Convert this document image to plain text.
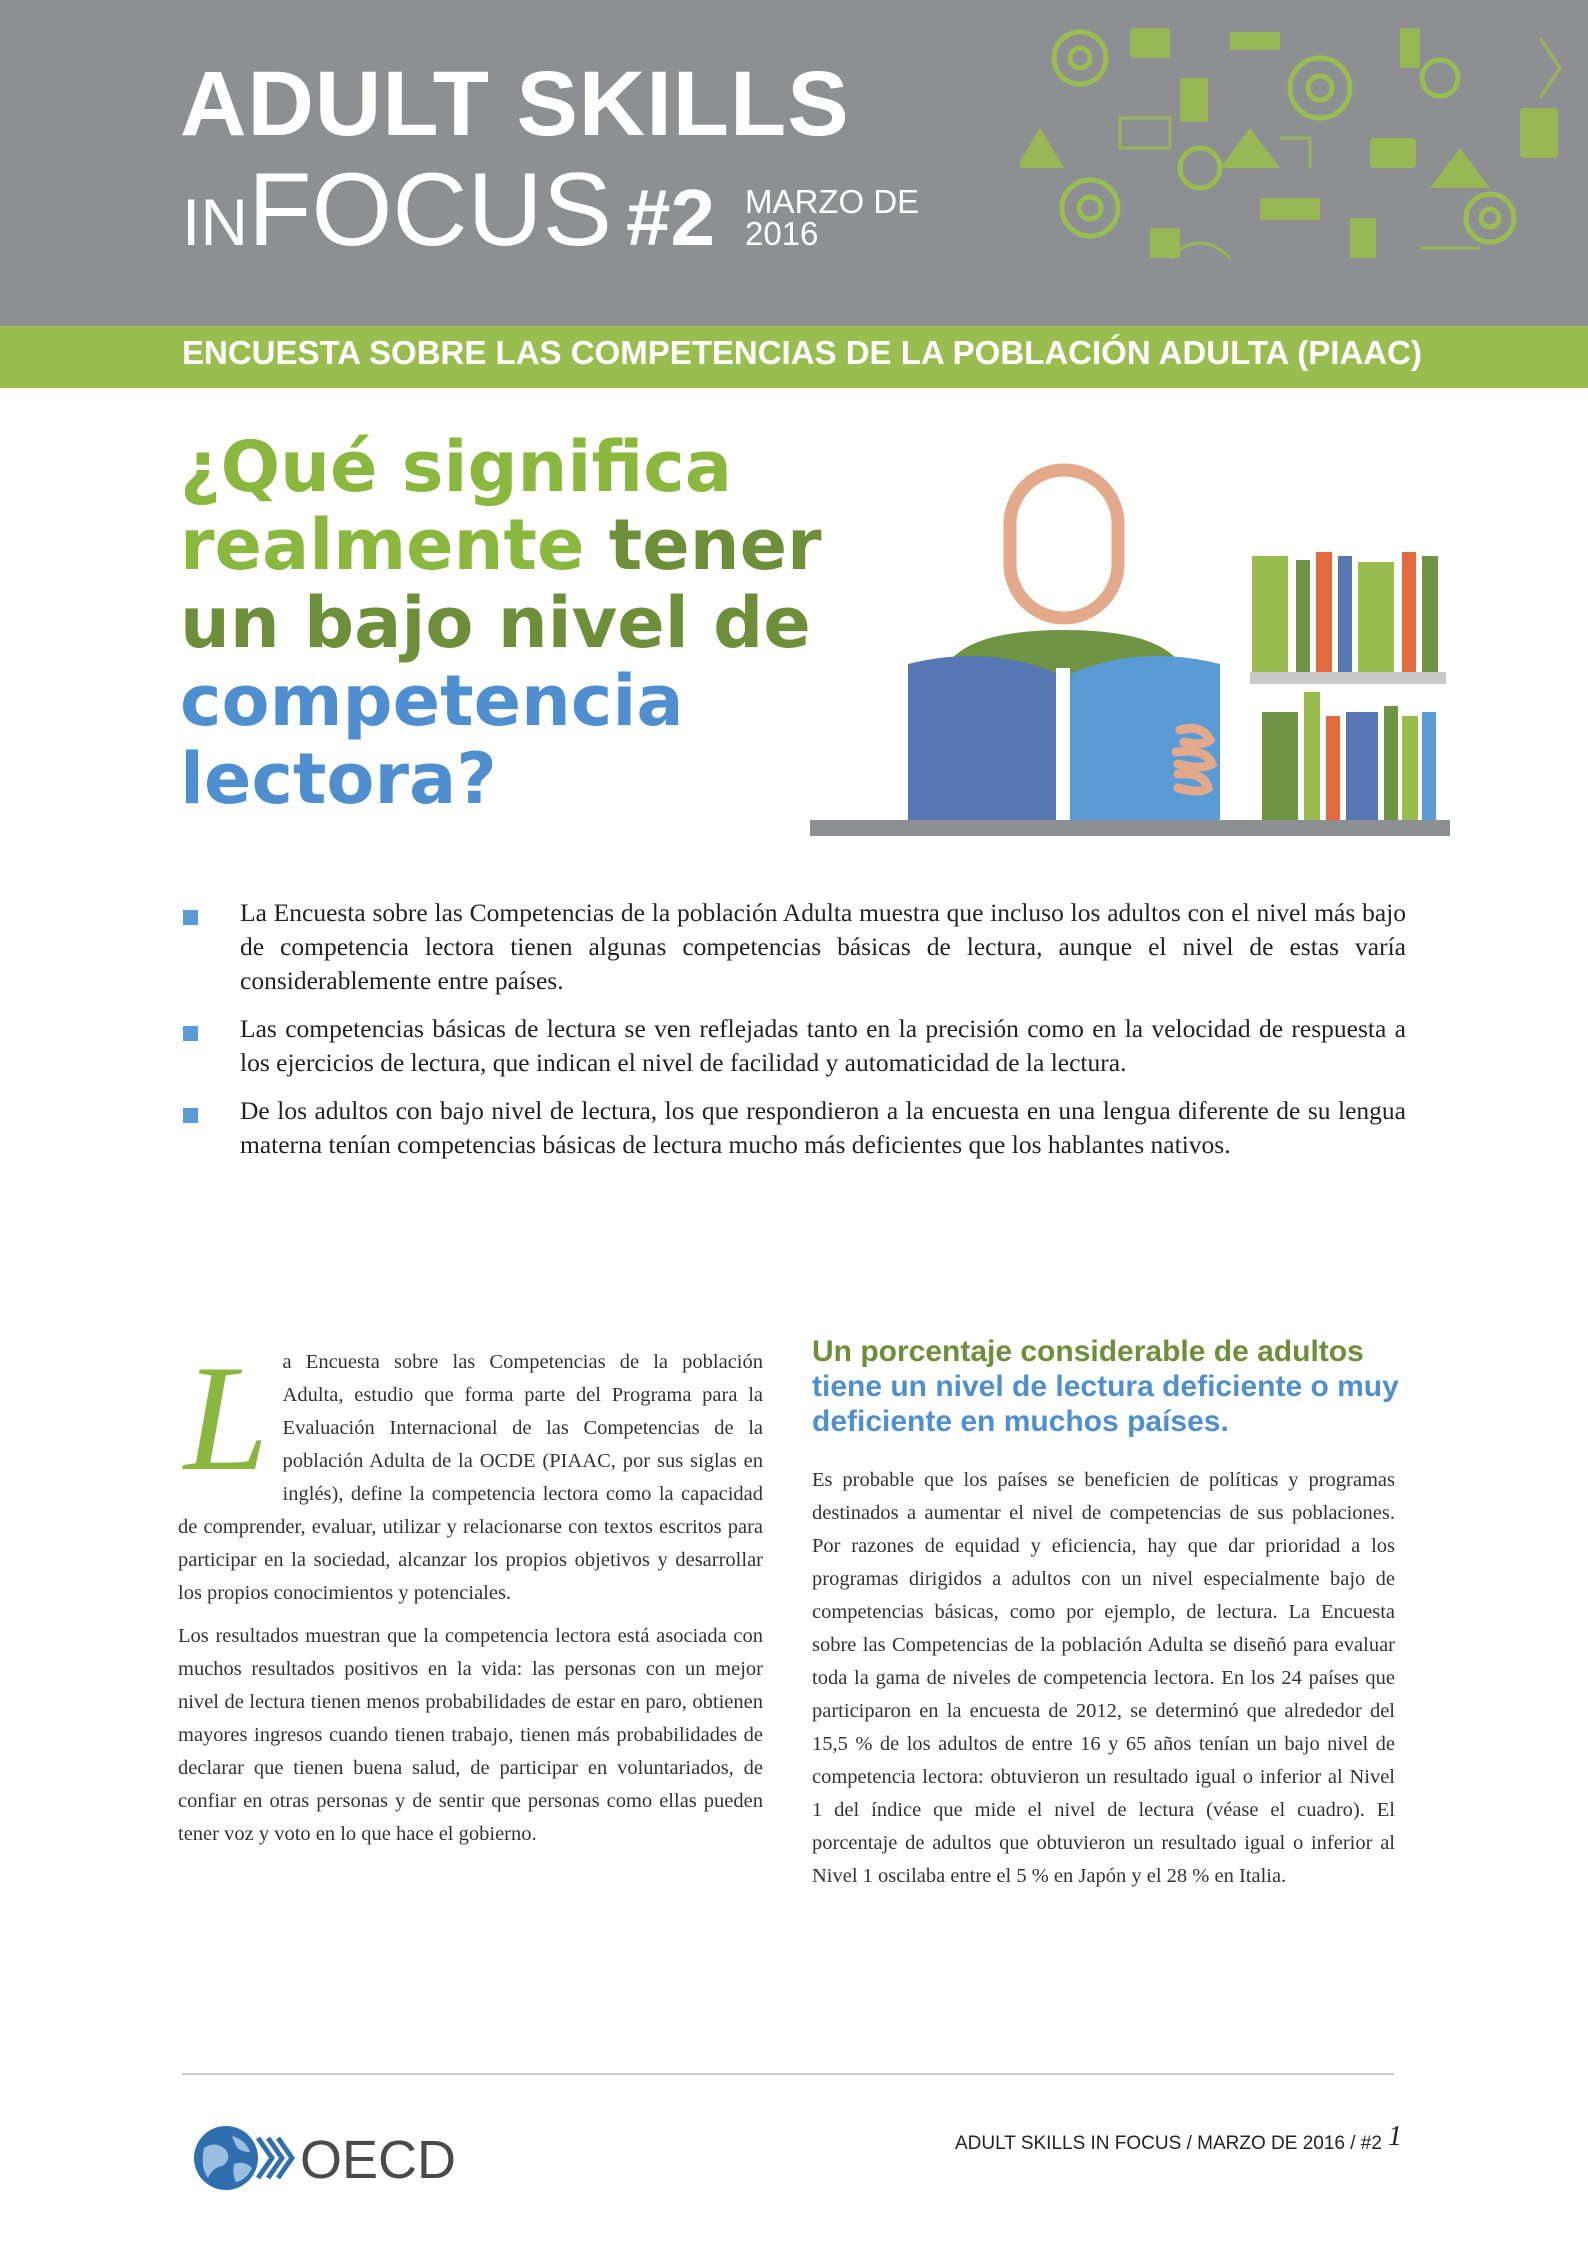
ADULT SKILLS
INFOCUS #2 MARZO DE 2016
ENCUESTA SOBRE LAS COMPETENCIAS DE LA POBLACIÓN ADULTA (PIAAC)
¿Qué significa
realmente tener
un bajo nivel de
competencia
lectora?
La Encuesta sobre las Competencias de la población Adulta muestra que incluso los adultos con el nivel más bajo de competencia lectora tienen algunas competencias básicas de lectura, aunque el nivel de estas varía considerablemente entre países.
Las competencias básicas de lectura se ven reflejadas tanto en la precisión como en la velocidad de respuesta a los ejercicios de lectura, que indican el nivel de facilidad y automaticidad de la lectura.
De los adultos con bajo nivel de lectura, los que respondieron a la encuesta en una lengua diferente de su lengua materna tenían competencias básicas de lectura mucho más deficientes que los hablantes nativos.

La Encuesta sobre las Competencias de la población Adulta, estudio que forma parte del Programa para la Evaluación Internacional de las Competencias de la población Adulta de la OCDE (PIAAC, por sus siglas en inglés), define la competencia lectora como la capacidad de comprender, evaluar, utilizar y relacionarse con textos escritos para participar en la sociedad, alcanzar los propios objetivos y desarrollar los propios conocimientos y potenciales.

Los resultados muestran que la competencia lectora está asociada con muchos resultados positivos en la vida: las personas con un mejor nivel de lectura tienen menos probabilidades de estar en paro, obtienen mayores ingresos cuando tienen trabajo, tienen más probabilidades de declarar que tienen buena salud, de participar en voluntariados, de confiar en otras personas y de sentir que personas como ellas pueden tener voz y voto en lo que hace el gobierno.

Un porcentaje considerable de adultos
tiene un nivel de lectura deficiente o muy deficiente en muchos países.

Es probable que los países se beneficien de políticas y programas destinados a aumentar el nivel de competencias de sus poblaciones. Por razones de equidad y eficiencia, hay que dar prioridad a los programas dirigidos a adultos con un nivel especialmente bajo de competencias básicas, como por ejemplo, de lectura. La Encuesta sobre las Competencias de la población Adulta se diseñó para evaluar toda la gama de niveles de competencia lectora. En los 24 países que participaron en la encuesta de 2012, se determinó que alrededor del 15,5 % de los adultos de entre 16 y 65 años tenían un bajo nivel de competencia lectora: obtuvieron un resultado igual o inferior al Nivel 1 del índice que mide el nivel de lectura (véase el cuadro). El porcentaje de adultos que obtuvieron un resultado igual o inferior al Nivel 1 oscilaba entre el 5 % en Japón y el 28 % en Italia.

OECD	ADULT SKILLS IN FOCUS / MARZO DE 2016 / #2 1
